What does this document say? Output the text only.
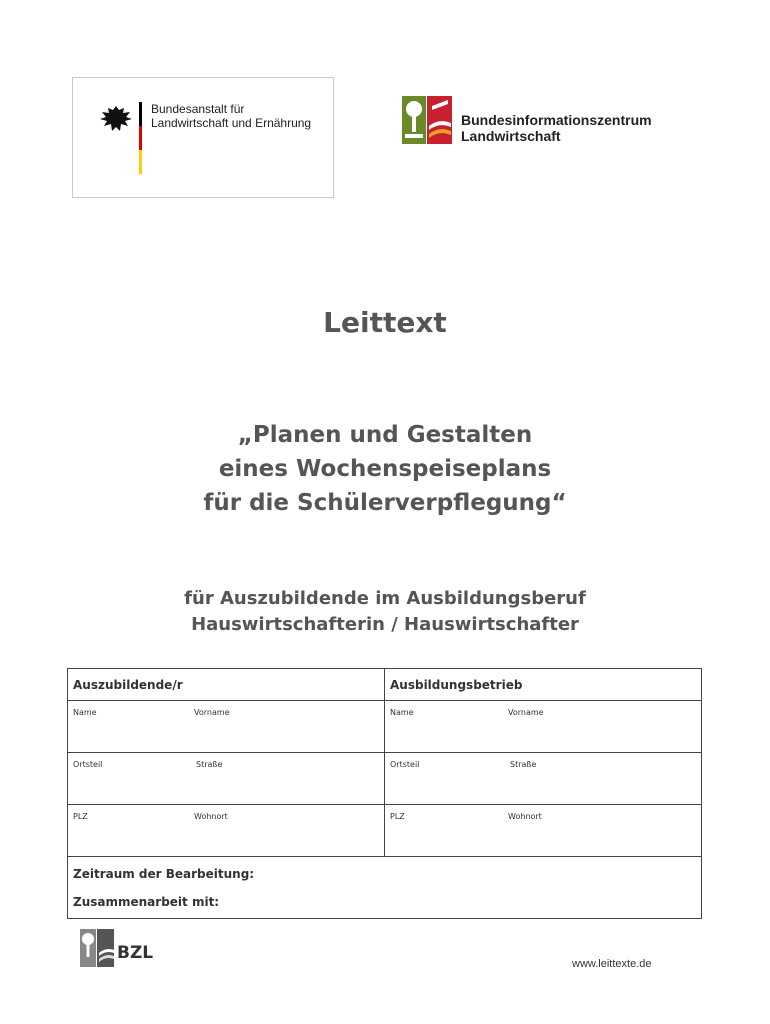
Bundesanstalt für
Landwirtschaft und Ernährung	Bundesinformationszentrum
Landwirtschaft
Leittext
„Planen und Gestalten
eines Wochenspeiseplans
für die Schülerverpflegung“
für Auszubildende im Ausbildungsberuf
Hauswirtschafterin / Hauswirtschafter
Auszubildende/r	Ausbildungsbetrieb

Name Vorname	Name Vorname

Ortsteil Straße	Ortsteil Straße

PLZ Wohnort	PLZ Wohnort

Zeitraum der Bearbeitung:
Zusammenarbeit mit:	
BZL
www.leittexte.de
